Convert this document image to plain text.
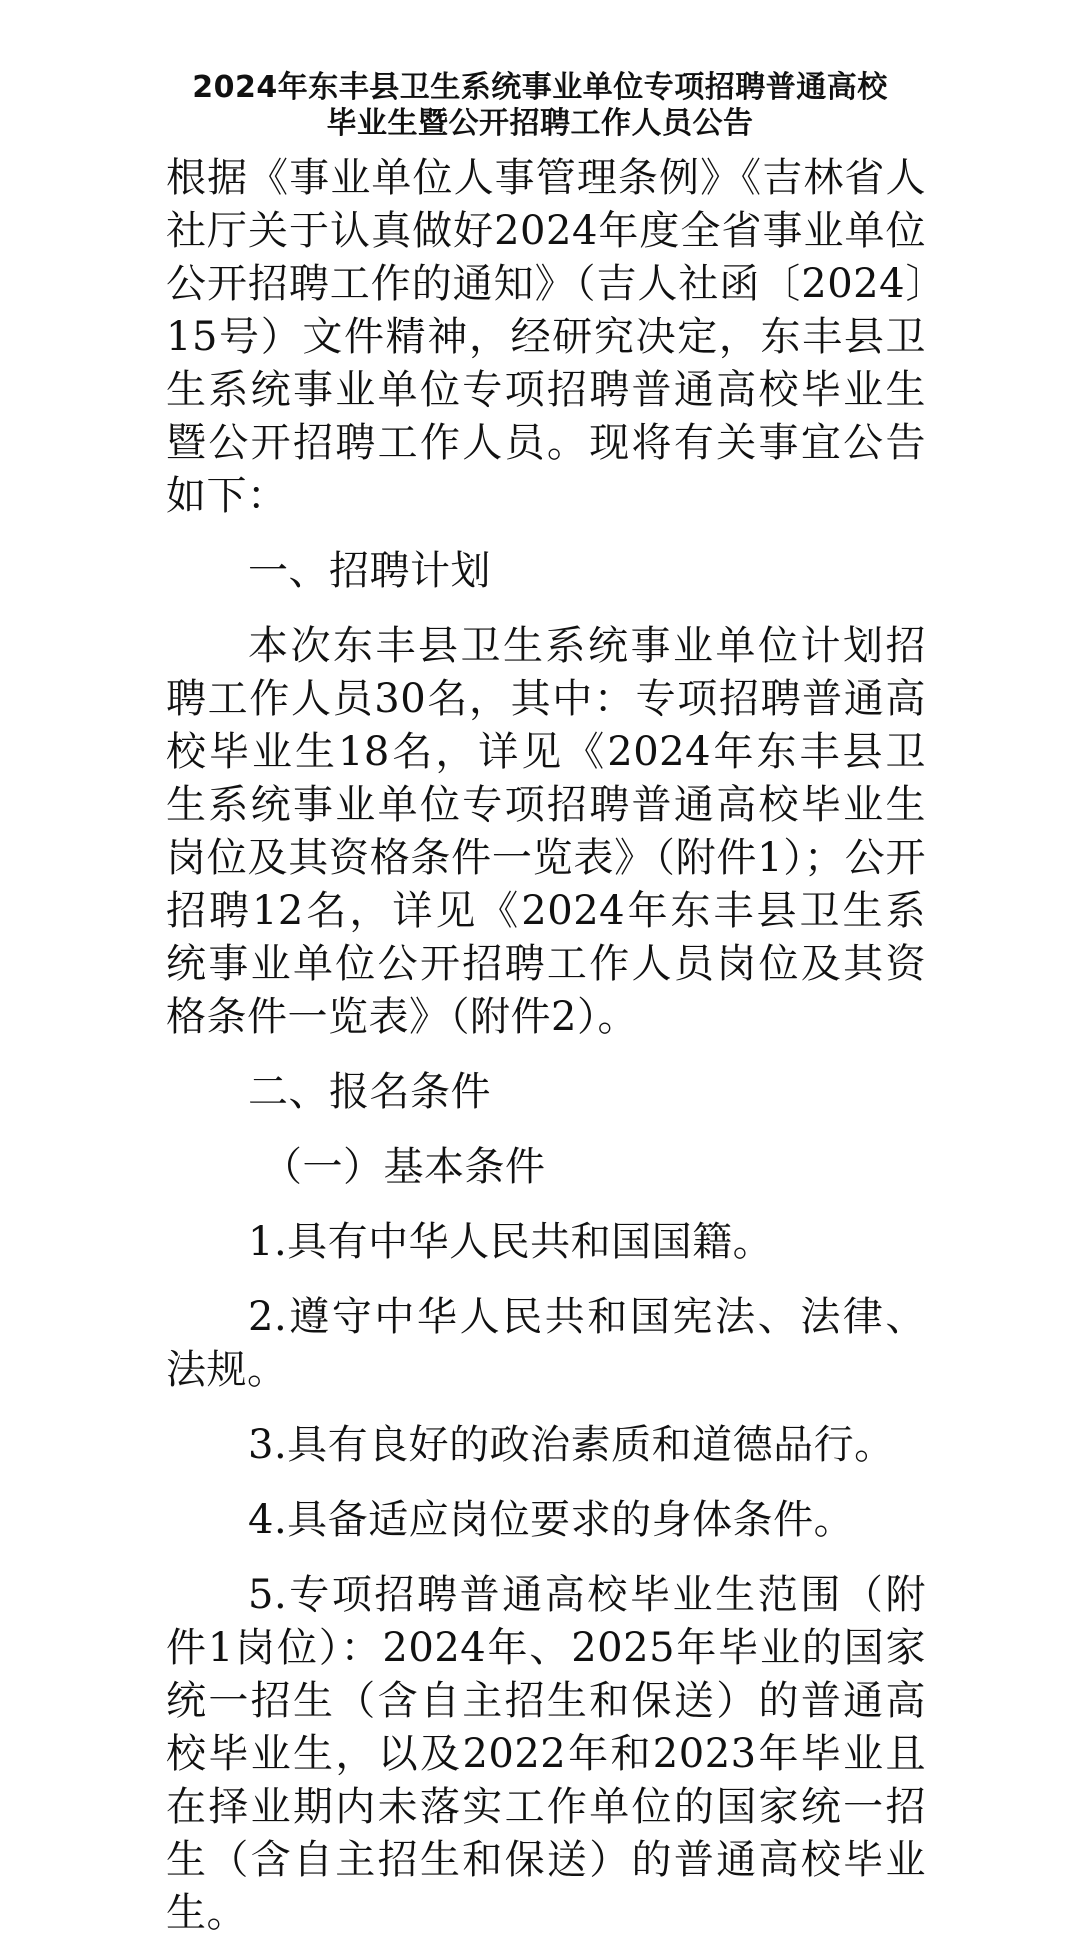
2024年东丰县卫生系统事业单位专项招聘普通高校
毕业生暨公开招聘工作人员公告

根据《事业单位人事管理条例》《吉林省人社厅关于认真做好2024年度全省事业单位公开招聘工作的通知》（吉人社函〔2024〕15号）文件精神，经研究决定，东丰县卫生系统事业单位专项招聘普通高校毕业生暨公开招聘工作人员。现将有关事宜公告如下：

一、招聘计划

本次东丰县卫生系统事业单位计划招聘工作人员30名，其中：专项招聘普通高校毕业生18名，详见《2024年东丰县卫生系统事业单位专项招聘普通高校毕业生岗位及其资格条件一览表》（附件1）；公开招聘12名，详见《2024年东丰县卫生系统事业单位公开招聘工作人员岗位及其资格条件一览表》（附件2）。

二、报名条件

（一）基本条件

1.具有中华人民共和国国籍。

2.遵守中华人民共和国宪法、法律、法规。

3.具有良好的政治素质和道德品行。

4.具备适应岗位要求的身体条件。

5.专项招聘普通高校毕业生范围（附件1岗位）：2024年、2025年毕业的国家统一招生（含自主招生和保送）的普通高校毕业生，以及2022年和2023年毕业且在择业期内未落实工作单位的国家统一招生（含自主招生和保送）的普通高校毕业生。
